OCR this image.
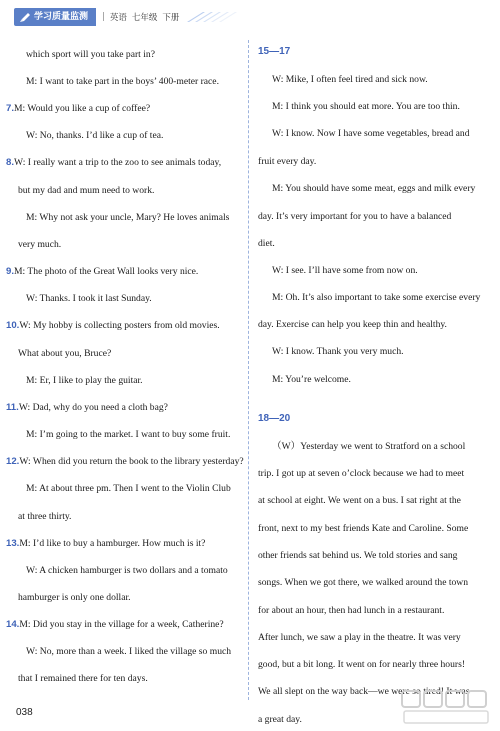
学习质量监测	| 英语 七年级 下册
which sport will you take part in?
M: I want to take part in the boys’ 400-meter race.
7.M: Would you like a cup of coffee?
W: No, thanks. I’d like a cup of tea.
8.W: I really want a trip to the zoo to see animals today,
but my dad and mum need to work.
M: Why not ask your uncle, Mary? He loves animals
very much.
9.M: The photo of the Great Wall looks very nice.
W: Thanks. I took it last Sunday.
10.W: My hobby is collecting posters from old movies.
What about you, Bruce?
M: Er, I like to play the guitar.
11.W: Dad, why do you need a cloth bag?
M: I’m going to the market. I want to buy some fruit.
12.W: When did you return the book to the library yesterday?
M: At about three pm. Then I went to the Violin Club
at three thirty.
13.M: I’d like to buy a hamburger. How much is it?
W: A chicken hamburger is two dollars and a tomato
hamburger is only one dollar.
14.M: Did you stay in the village for a week, Catherine?
W: No, more than a week. I liked the village so much
that I remained there for ten days.
15—17
W: Mike, I often feel tired and sick now.
M: I think you should eat more. You are too thin.
W: I know. Now I have some vegetables, bread and
fruit every day.
M: You should have some meat, eggs and milk every
day. It’s very important for you to have a balanced
diet.
W: I see. I’ll have some from now on.
M: Oh. It’s also important to take some exercise every
day. Exercise can help you keep thin and healthy.
W: I know. Thank you very much.
M: You’re welcome.
18—20
（W）Yesterday we went to Stratford on a school
trip. I got up at seven o’clock because we had to meet
at school at eight. We went on a bus. I sat right at the
front, next to my best friends Kate and Caroline. Some
other friends sat behind us. We told stories and sang
songs. When we got there, we walked around the town
for about an hour, then had lunch in a restaurant.
After lunch, we saw a play in the theatre. It was very
good, but a bit long. It went on for nearly three hours!
We all slept on the way back—we were so tired! It was
a great day.
038
